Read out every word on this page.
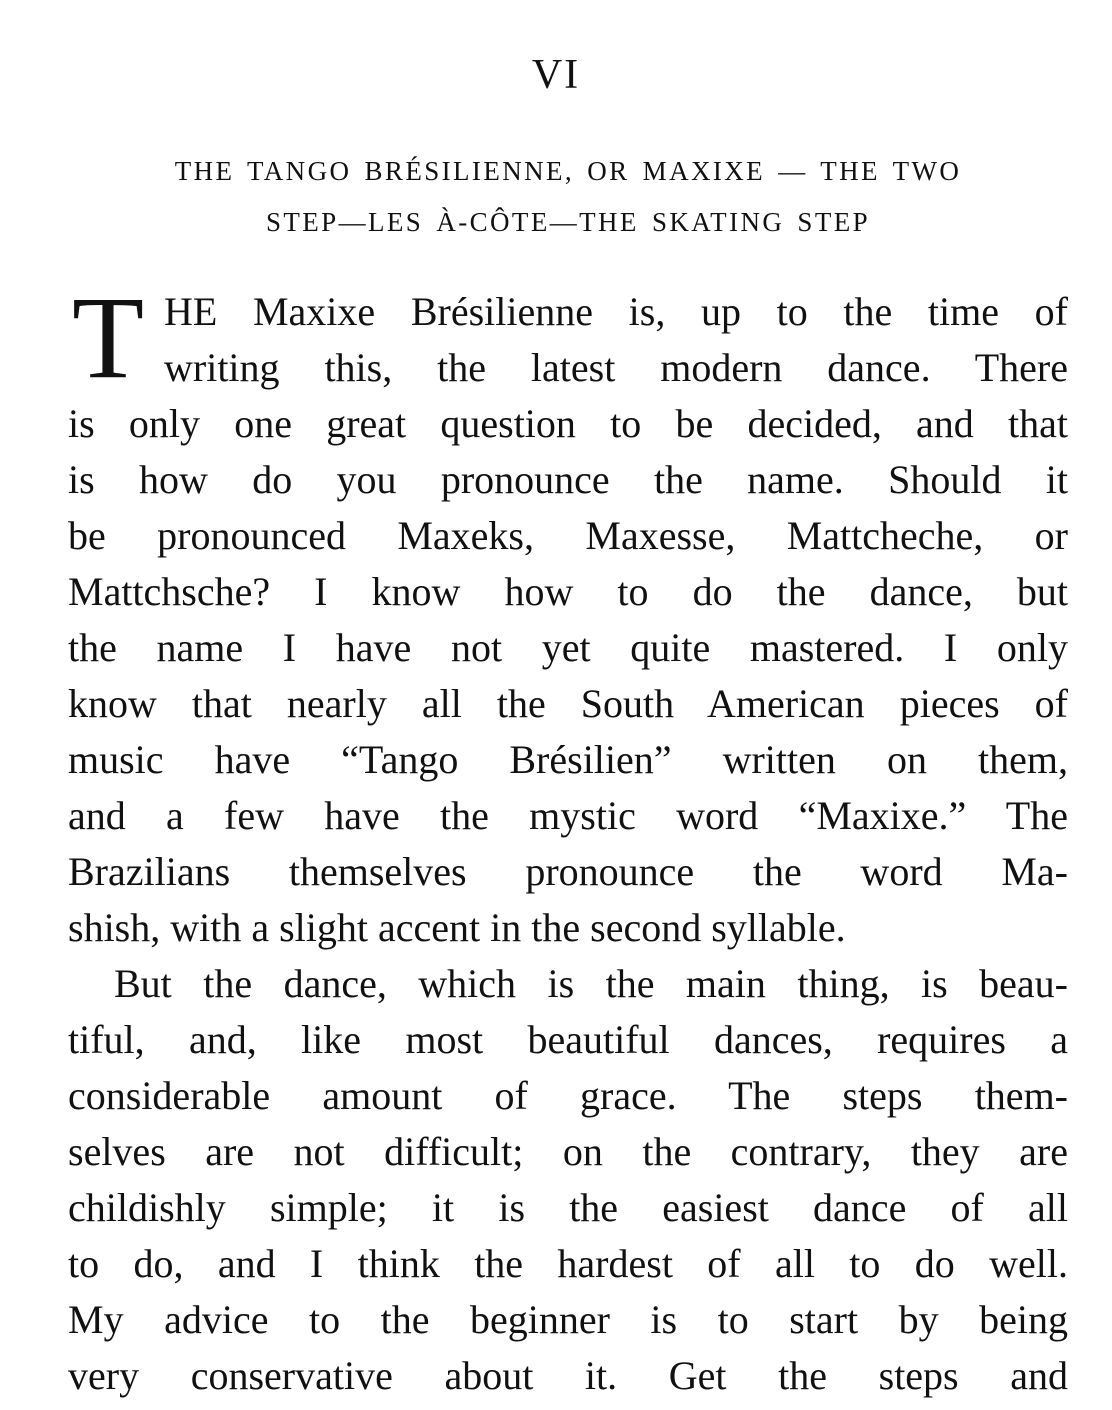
VI
THE TANGO BRÉSILIENNE, OR MAXIXE — THE TWO
STEP—LES À-CÔTE—THE SKATING STEP
T HE Maxixe Brésilienne is, up to the time of
writing this, the latest modern dance. There
is only one great question to be decided, and that
is how do you pronounce the name. Should it
be pronounced Maxeks, Maxesse, Mattcheche, or
Mattchsche? I know how to do the dance, but
the name I have not yet quite mastered. I only
know that nearly all the South American pieces of
music have “Tango Brésilien” written on them,
and a few have the mystic word “Maxixe.” The
Brazilians themselves pronounce the word Ma-
shish, with a slight accent in the second syllable.
But the dance, which is the main thing, is beau-
tiful, and, like most beautiful dances, requires a
considerable amount of grace. The steps them-
selves are not difficult; on the contrary, they are
childishly simple; it is the easiest dance of all
to do, and I think the hardest of all to do well.
My advice to the beginner is to start by being
very conservative about it. Get the steps and
